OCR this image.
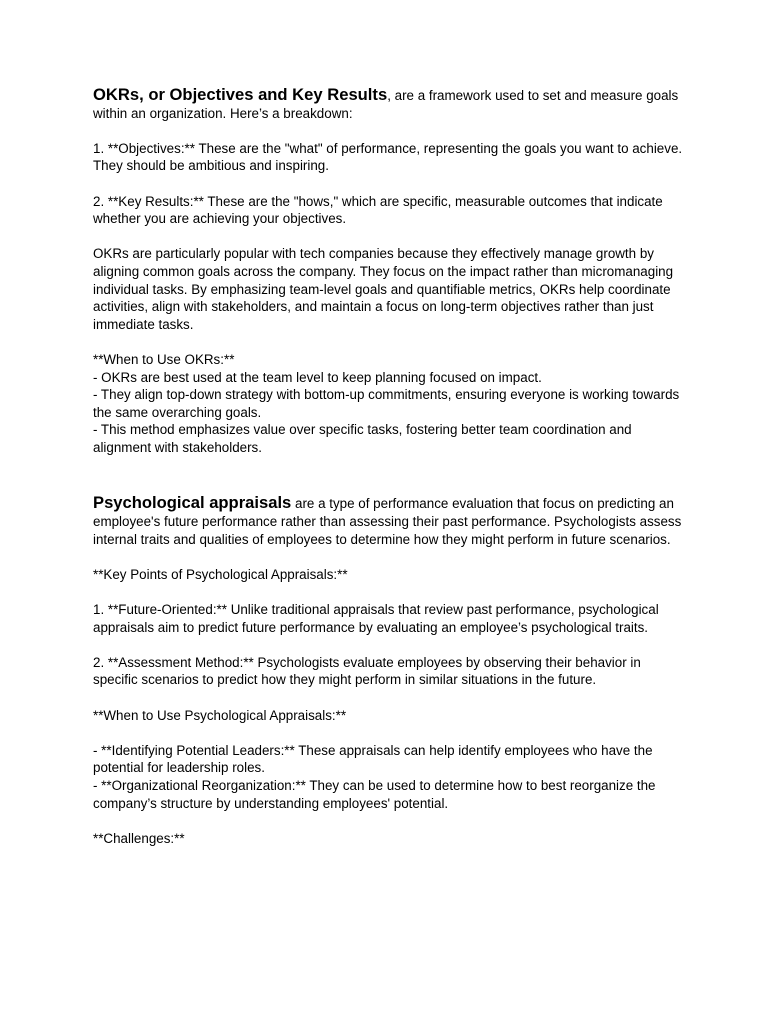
OKRs, or Objectives and Key Results, are a framework used to set and measure goals within an organization. Here’s a breakdown:

1. **Objectives:** These are the "what" of performance, representing the goals you want to achieve. They should be ambitious and inspiring.

2. **Key Results:** These are the "hows," which are specific, measurable outcomes that indicate whether you are achieving your objectives.

OKRs are particularly popular with tech companies because they effectively manage growth by aligning common goals across the company. They focus on the impact rather than micromanaging individual tasks. By emphasizing team-level goals and quantifiable metrics, OKRs help coordinate activities, align with stakeholders, and maintain a focus on long-term objectives rather than just immediate tasks.

**When to Use OKRs:**

- OKRs are best used at the team level to keep planning focused on impact.

- They align top-down strategy with bottom-up commitments, ensuring everyone is working towards the same overarching goals.

- This method emphasizes value over specific tasks, fostering better team coordination and alignment with stakeholders.

Psychological appraisals are a type of performance evaluation that focus on predicting an employee's future performance rather than assessing their past performance. Psychologists assess internal traits and qualities of employees to determine how they might perform in future scenarios.

**Key Points of Psychological Appraisals:**

1. **Future-Oriented:** Unlike traditional appraisals that review past performance, psychological appraisals aim to predict future performance by evaluating an employee’s psychological traits.

2. **Assessment Method:** Psychologists evaluate employees by observing their behavior in specific scenarios to predict how they might perform in similar situations in the future.

**When to Use Psychological Appraisals:**

- **Identifying Potential Leaders:** These appraisals can help identify employees who have the potential for leadership roles.

- **Organizational Reorganization:** They can be used to determine how to best reorganize the company’s structure by understanding employees' potential.

**Challenges:**
